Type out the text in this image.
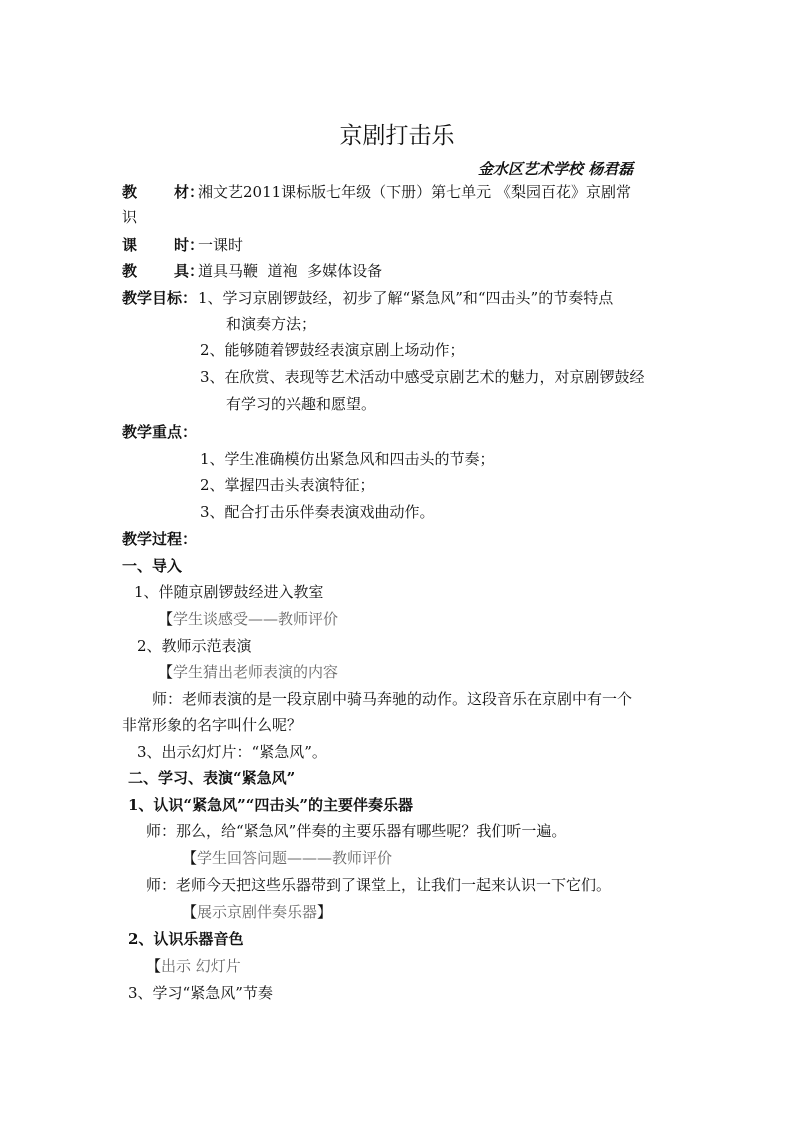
京剧打击乐
金水区艺术学校 杨君磊
教 材：湘文艺2011课标版七年级（下册）第七单元 《梨园百花》京剧常
识
课 时：一课时
教 具：道具马鞭  道袍  多媒体设备
教学目标：1、学习京剧锣鼓经，初步了解“紧急风”和“四击头”的节奏特点
和演奏方法；
2、能够随着锣鼓经表演京剧上场动作；
3、在欣赏、表现等艺术活动中感受京剧艺术的魅力，对京剧锣鼓经
有学习的兴趣和愿望。
教学重点：
1、学生准确模仿出紧急风和四击头的节奏；
2、掌握四击头表演特征；
3、配合打击乐伴奏表演戏曲动作。
教学过程：
一、导入
1、伴随京剧锣鼓经进入教室
【学生谈感受——教师评价
2、教师示范表演
【学生猜出老师表演的内容
师：老师表演的是一段京剧中骑马奔驰的动作。这段音乐在京剧中有一个
非常形象的名字叫什么呢？
3、出示幻灯片：“紧急风”。
二、学习、表演“紧急风”
1、认识“紧急风”“四击头”的主要伴奏乐器
师：那么，给“紧急风”伴奏的主要乐器有哪些呢？我们听一遍。
【学生回答问题———教师评价
师：老师今天把这些乐器带到了课堂上，让我们一起来认识一下它们。
【展示京剧伴奏乐器】
2、认识乐器音色
【出示 幻灯片
3、学习“紧急风”节奏
